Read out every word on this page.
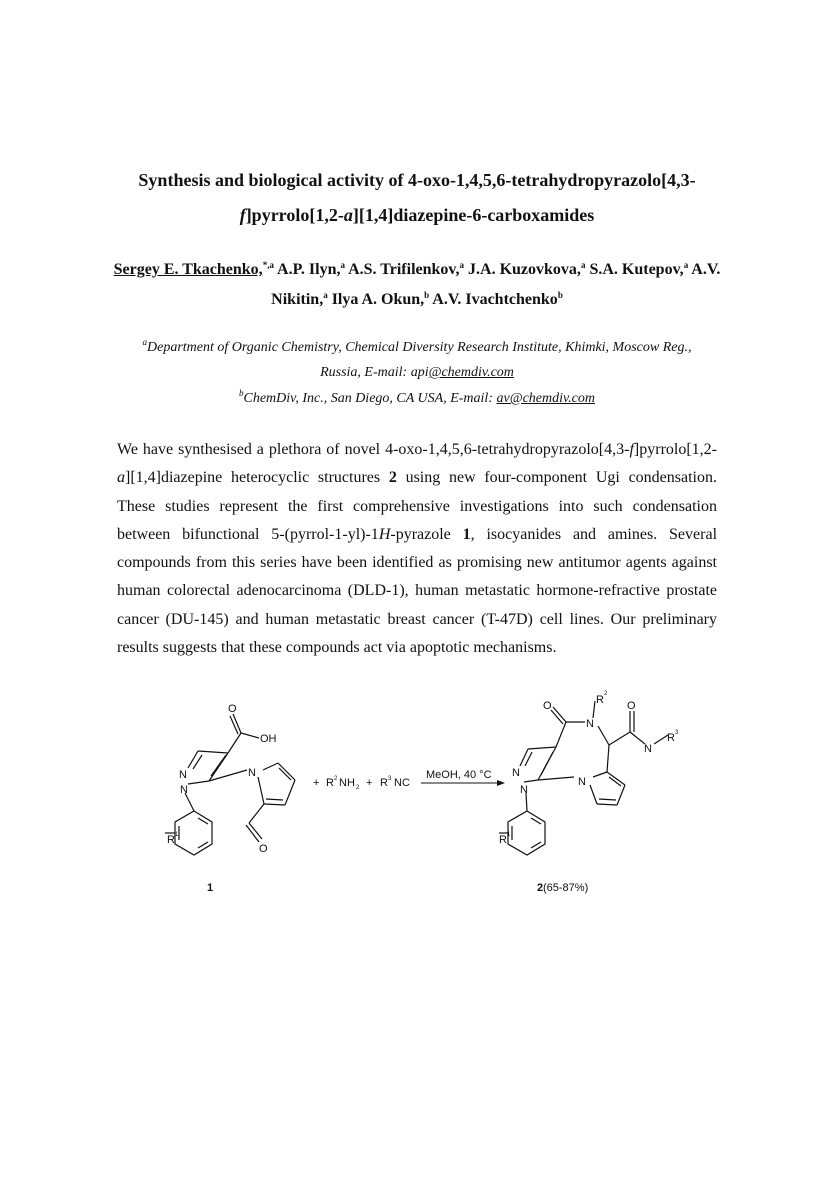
Synthesis and biological activity of 4-oxo-1,4,5,6-tetrahydropyrazolo[4,3-
f]pyrrolo[1,2-a][1,4]diazepine-6-carboxamides
Sergey E. Tkachenko,$^{*,a}$ A.P. Ilyn,$^a$ A.S. Trifilenkov,$^a$ J.A. Kuzovkova,$^a$ S.A. Kutepov,$^a$ A.V. Nikitin,$^a$ Ilya A. Okun,$^b$ A.V. Ivachtchenko$^b$
$^a$Department of Organic Chemistry, Chemical Diversity Research Institute, Khimki, Moscow Reg.,
Russia, E-mail: api@chemdiv.com
$^b$ChemDiv, Inc., San Diego, CA USA, E-mail: av@chemdiv.com
We have synthesised a plethora of novel 4-oxo-1,4,5,6-tetrahydropyrazolo[4,3-f]pyrrolo[1,2-a][1,4]diazepine heterocyclic structures 2 using new four-component Ugi condensation. These studies represent the first comprehensive investigations into such condensation between bifunctional 5-(pyrrol-1-yl)-1H-pyrazole 1, isocyanides and amines. Several compounds from this series have been identified as promising new antitumor agents against human colorectal adenocarcinoma (DLD-1), human metastatic hormone-refractive prostate cancer (DU-145) and human metastatic breast cancer (T-47D) cell lines. Our preliminary results suggests that these compounds act via apoptotic mechanisms.
O
OH
N
N
N
O
R 1
+ R 2 NH 2 + R 3 NC
MeOH, 40 °C
O
N
R 2
O
N
R 3
N
N
N
R 1
1	2 (65-87%)
